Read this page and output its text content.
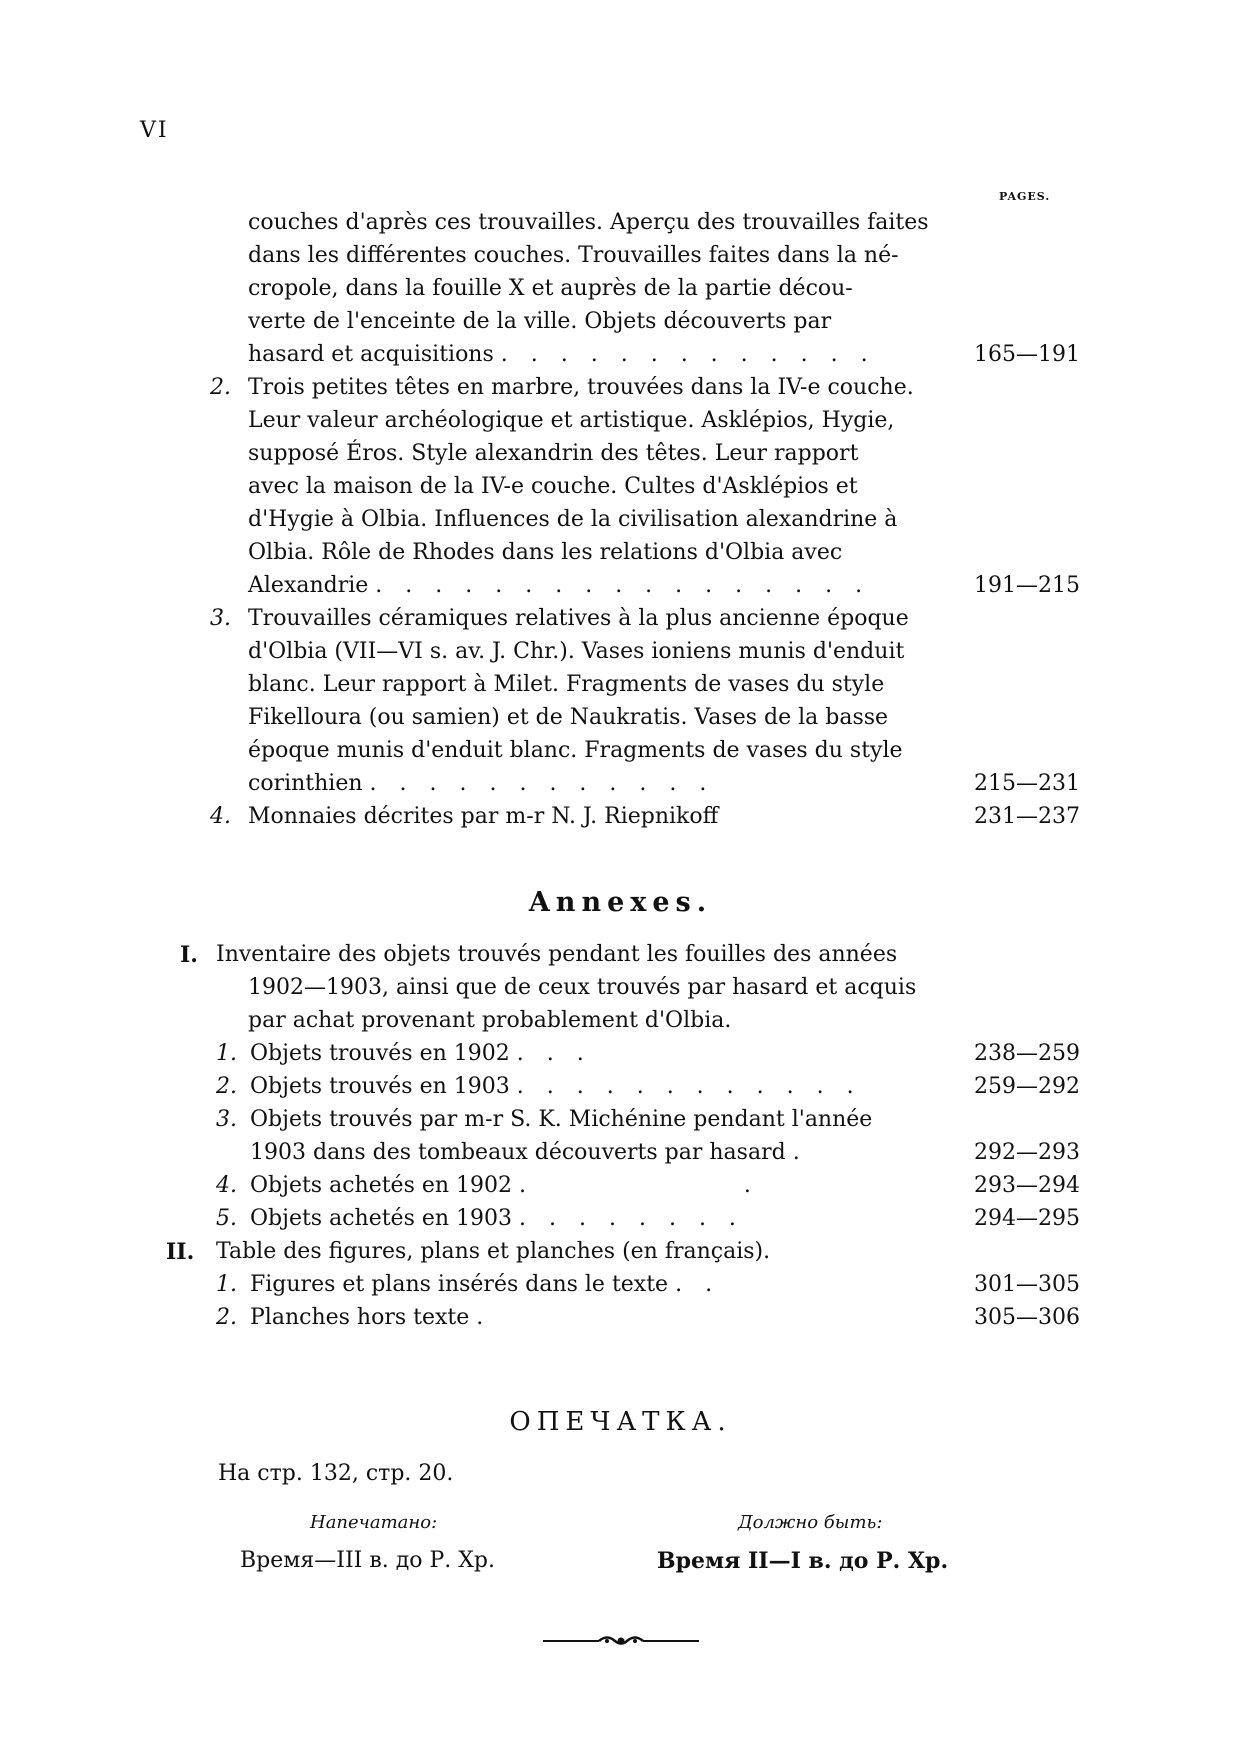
VI
PAGES.
couches d'après ces trouvailles. Aperçu des trouvailles faites
dans les différentes couches. Trouvailles faites dans la né-
cropole, dans la fouille X et auprès de la partie décou-
verte de l'enceinte de la ville. Objets découverts par
hasard et acquisitions . . . . . . . . . . . . .	165—191
2. Trois petites têtes en marbre, trouvées dans la IV-e couche.
Leur valeur archéologique et artistique. Asklépios, Hygie,
supposé Éros. Style alexandrin des têtes. Leur rapport
avec la maison de la IV-e couche. Cultes d'Asklépios et
d'Hygie à Olbia. Influences de la civilisation alexandrine à
Olbia. Rôle de Rhodes dans les relations d'Olbia avec
Alexandrie . . . . . . . . . . . . . . . . .	191—215
3. Trouvailles céramiques relatives à la plus ancienne époque
d'Olbia (VII—VI s. av. J. Chr.). Vases ioniens munis d'enduit
blanc. Leur rapport à Milet. Fragments de vases du style
Fikelloura (ou samien) et de Naukratis. Vases de la basse
époque munis d'enduit blanc. Fragments de vases du style
corinthien . . . . . . . . . . . .	215—231
4. Monnaies décrites par m-r N. J. Riepnikoff	231—237
Annexes.
I. Inventaire des objets trouvés pendant les fouilles des années
1902—1903, ainsi que de ceux trouvés par hasard et acquis
par achat provenant probablement d'Olbia.
1. Objets trouvés en 1902 . . .	238—259
2. Objets trouvés en 1903 . . . . . . . . . . . .	259—292
3. Objets trouvés par m-r S. K. Michénine pendant l'année
1903 dans des tombeaux découverts par hasard .	292—293
4. Objets achetés en 1902 .              .	293—294
5. Objets achetés en 1903 . . . . . . . .	294—295
II. Table des figures, plans et planches (en français).
1. Figures et plans insérés dans le texte . .	301—305
2. Planches hors texte .	305—306
ОПЕЧАТКА.
На стр. 132, стр. 20.
Напечатано:
Время—III в. до Р. Хр.
Должно быть:
Время II—I в. до Р. Хр.
